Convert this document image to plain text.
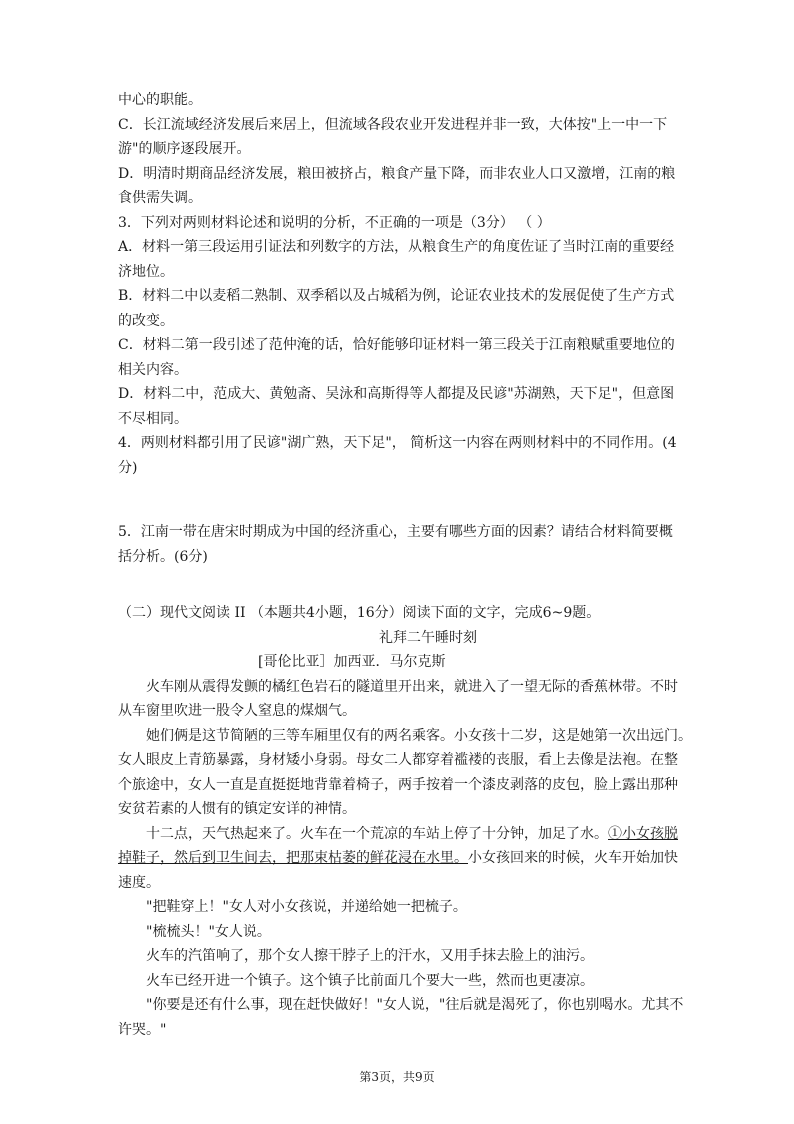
中心的职能。
C．长江流域经济发展后来居上，但流域各段农业开发进程并非一致，大体按"上一中一下
游"的顺序逐段展开。
D．明清时期商品经济发展，粮田被挤占，粮食产量下降，而非农业人口又激增，江南的粮
食供需失调。
3．下列对两则材料论述和说明的分析，不正确的一项是（3分） （ ）
A．材料一第三段运用引证法和列数字的方法，从粮食生产的角度佐证了当时江南的重要经
济地位。
B．材料二中以麦稻二熟制、双季稻以及占城稻为例，论证农业技术的发展促使了生产方式
的改变。
C．材料二第一段引述了范仲淹的话，恰好能够印证材料一第三段关于江南粮赋重要地位的
相关内容。
D．材料二中，范成大、黄勉斋、吴泳和高斯得等人都提及民谚"苏湖熟，天下足"，但意图
不尽相同。
4．两则材料都引用了民谚"湖广熟，天下足"， 简析这一内容在两则材料中的不同作用。(4
分)
5．江南一带在唐宋时期成为中国的经济重心，主要有哪些方面的因素？请结合材料简要概
括分析。(6分)
（二）现代文阅读 II （本题共4小题，16分）阅读下面的文字，完成6~9题。
礼拜二午睡时刻
[哥伦比亚］加西亚．马尔克斯
火车刚从震得发颤的橘红色岩石的隧道里开出来，就进入了一望无际的香蕉林带。不时
从车窗里吹进一股令人窒息的煤烟气。
她们俩是这节简陋的三等车厢里仅有的两名乘客。小女孩十二岁，这是她第一次出远门。
女人眼皮上青筋暴露，身材矮小身弱。母女二人都穿着褴褛的丧服，看上去像是法袍。在整
个旅途中，女人一直是直挺挺地背靠着椅子，两手按着一个漆皮剥落的皮包，脸上露出那种
安贫若素的人惯有的镇定安详的神情。
十二点，天气热起来了。火车在一个荒凉的车站上停了十分钟，加足了水。①小女孩脱
掉鞋子，然后到卫生间去，把那束枯萎的鲜花浸在水里。小女孩回来的时候，火车开始加快
速度。
"把鞋穿上！"女人对小女孩说，并递给她一把梳子。
"梳梳头！"女人说。
火车的汽笛响了，那个女人擦干脖子上的汗水，又用手抹去脸上的油污。
火车已经开进一个镇子。这个镇子比前面几个要大一些，然而也更凄凉。
"你要是还有什么事，现在赶快做好！"女人说，"往后就是渴死了，你也别喝水。尤其不
许哭。"
第3页，共9页
